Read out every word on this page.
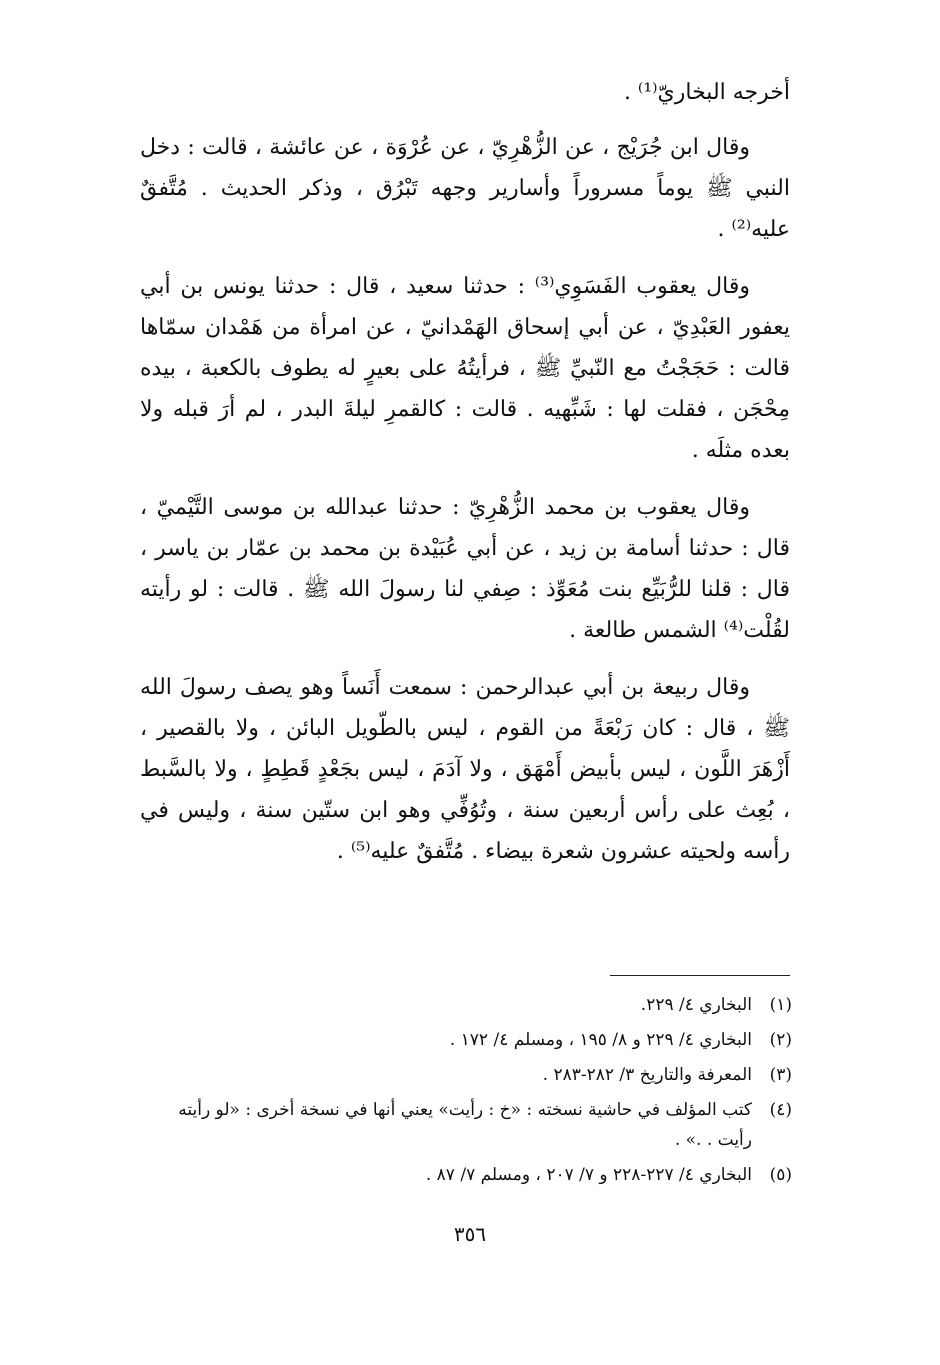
أخرجه البخاريّ⁽¹⁾ .

وقال ابن جُرَيْج ، عن الزُّهْرِيّ ، عن عُرْوَة ، عن عائشة ، قالت : دخل النبي ﷺ يوماً مسروراً وأسارير وجهه تَبْرُق ، وذكر الحديث . مُتَّفقٌ عليه⁽²⁾ .

وقال يعقوب الفَسَوِي⁽³⁾ : حدثنا سعيد ، قال : حدثنا يونس بن أبي يعفور العَبْدِيّ ، عن أبي إسحاق الهَمْدانيّ ، عن امرأة من هَمْدان سمّاها قالت : حَجَجْتُ مع النّبيِّ ﷺ ، فرأيتُهُ على بعيرٍ له يطوف بالكعبة ، بيده مِحْجَن ، فقلت لها : شَبِّهيه . قالت : كالقمرِ ليلةَ البدر ، لم أرَ قبله ولا بعده مثلَه .

وقال يعقوب بن محمد الزُّهْرِيّ : حدثنا عبدالله بن موسى التَّيْميّ ، قال : حدثنا أسامة بن زيد ، عن أبي عُبَيْدة بن محمد بن عمّار بن ياسر ، قال : قلنا للرُّبَيِّع بنت مُعَوِّذ : صِفي لنا رسولَ الله ﷺ . قالت : لو رأيته لقُلْت⁽⁴⁾ الشمس طالعة .

وقال ربيعة بن أبي عبدالرحمن : سمعت أَنَساً وهو يصف رسولَ الله ﷺ ، قال : كان رَبْعَةً من القوم ، ليس بالطّويل البائن ، ولا بالقصير ، أَزْهَرَ اللَّون ، ليس بأبيض أَمْهَق ، ولا آدَمَ ، ليس بجَعْدٍ قَطِطٍ ، ولا بالسَّبط ، بُعِث على رأس أربعين سنة ، وتُوُفِّي وهو ابن ستّين سنة ، وليس في رأسه ولحيته عشرون شعرة بيضاء . مُتَّفقٌ عليه⁽⁵⁾ .

(١)
البخاري ٤/ ٢٢٩.
(٢)
البخاري ٤/ ٢٢٩ و ٨/ ١٩٥ ، ومسلم ٤/ ١٧٢ .
(٣)
المعرفة والتاريخ ٣/ ٢٨٢-٢٨٣ .
(٤)
كتب المؤلف في حاشية نسخته : «خ : رأيت» يعني أنها في نسخة أخرى : «لو رأيته رأيت . .» .
(٥)
البخاري ٤/ ٢٢٧-٢٢٨ و ٧/ ٢٠٧ ، ومسلم ٧/ ٨٧ .
٣٥٦
